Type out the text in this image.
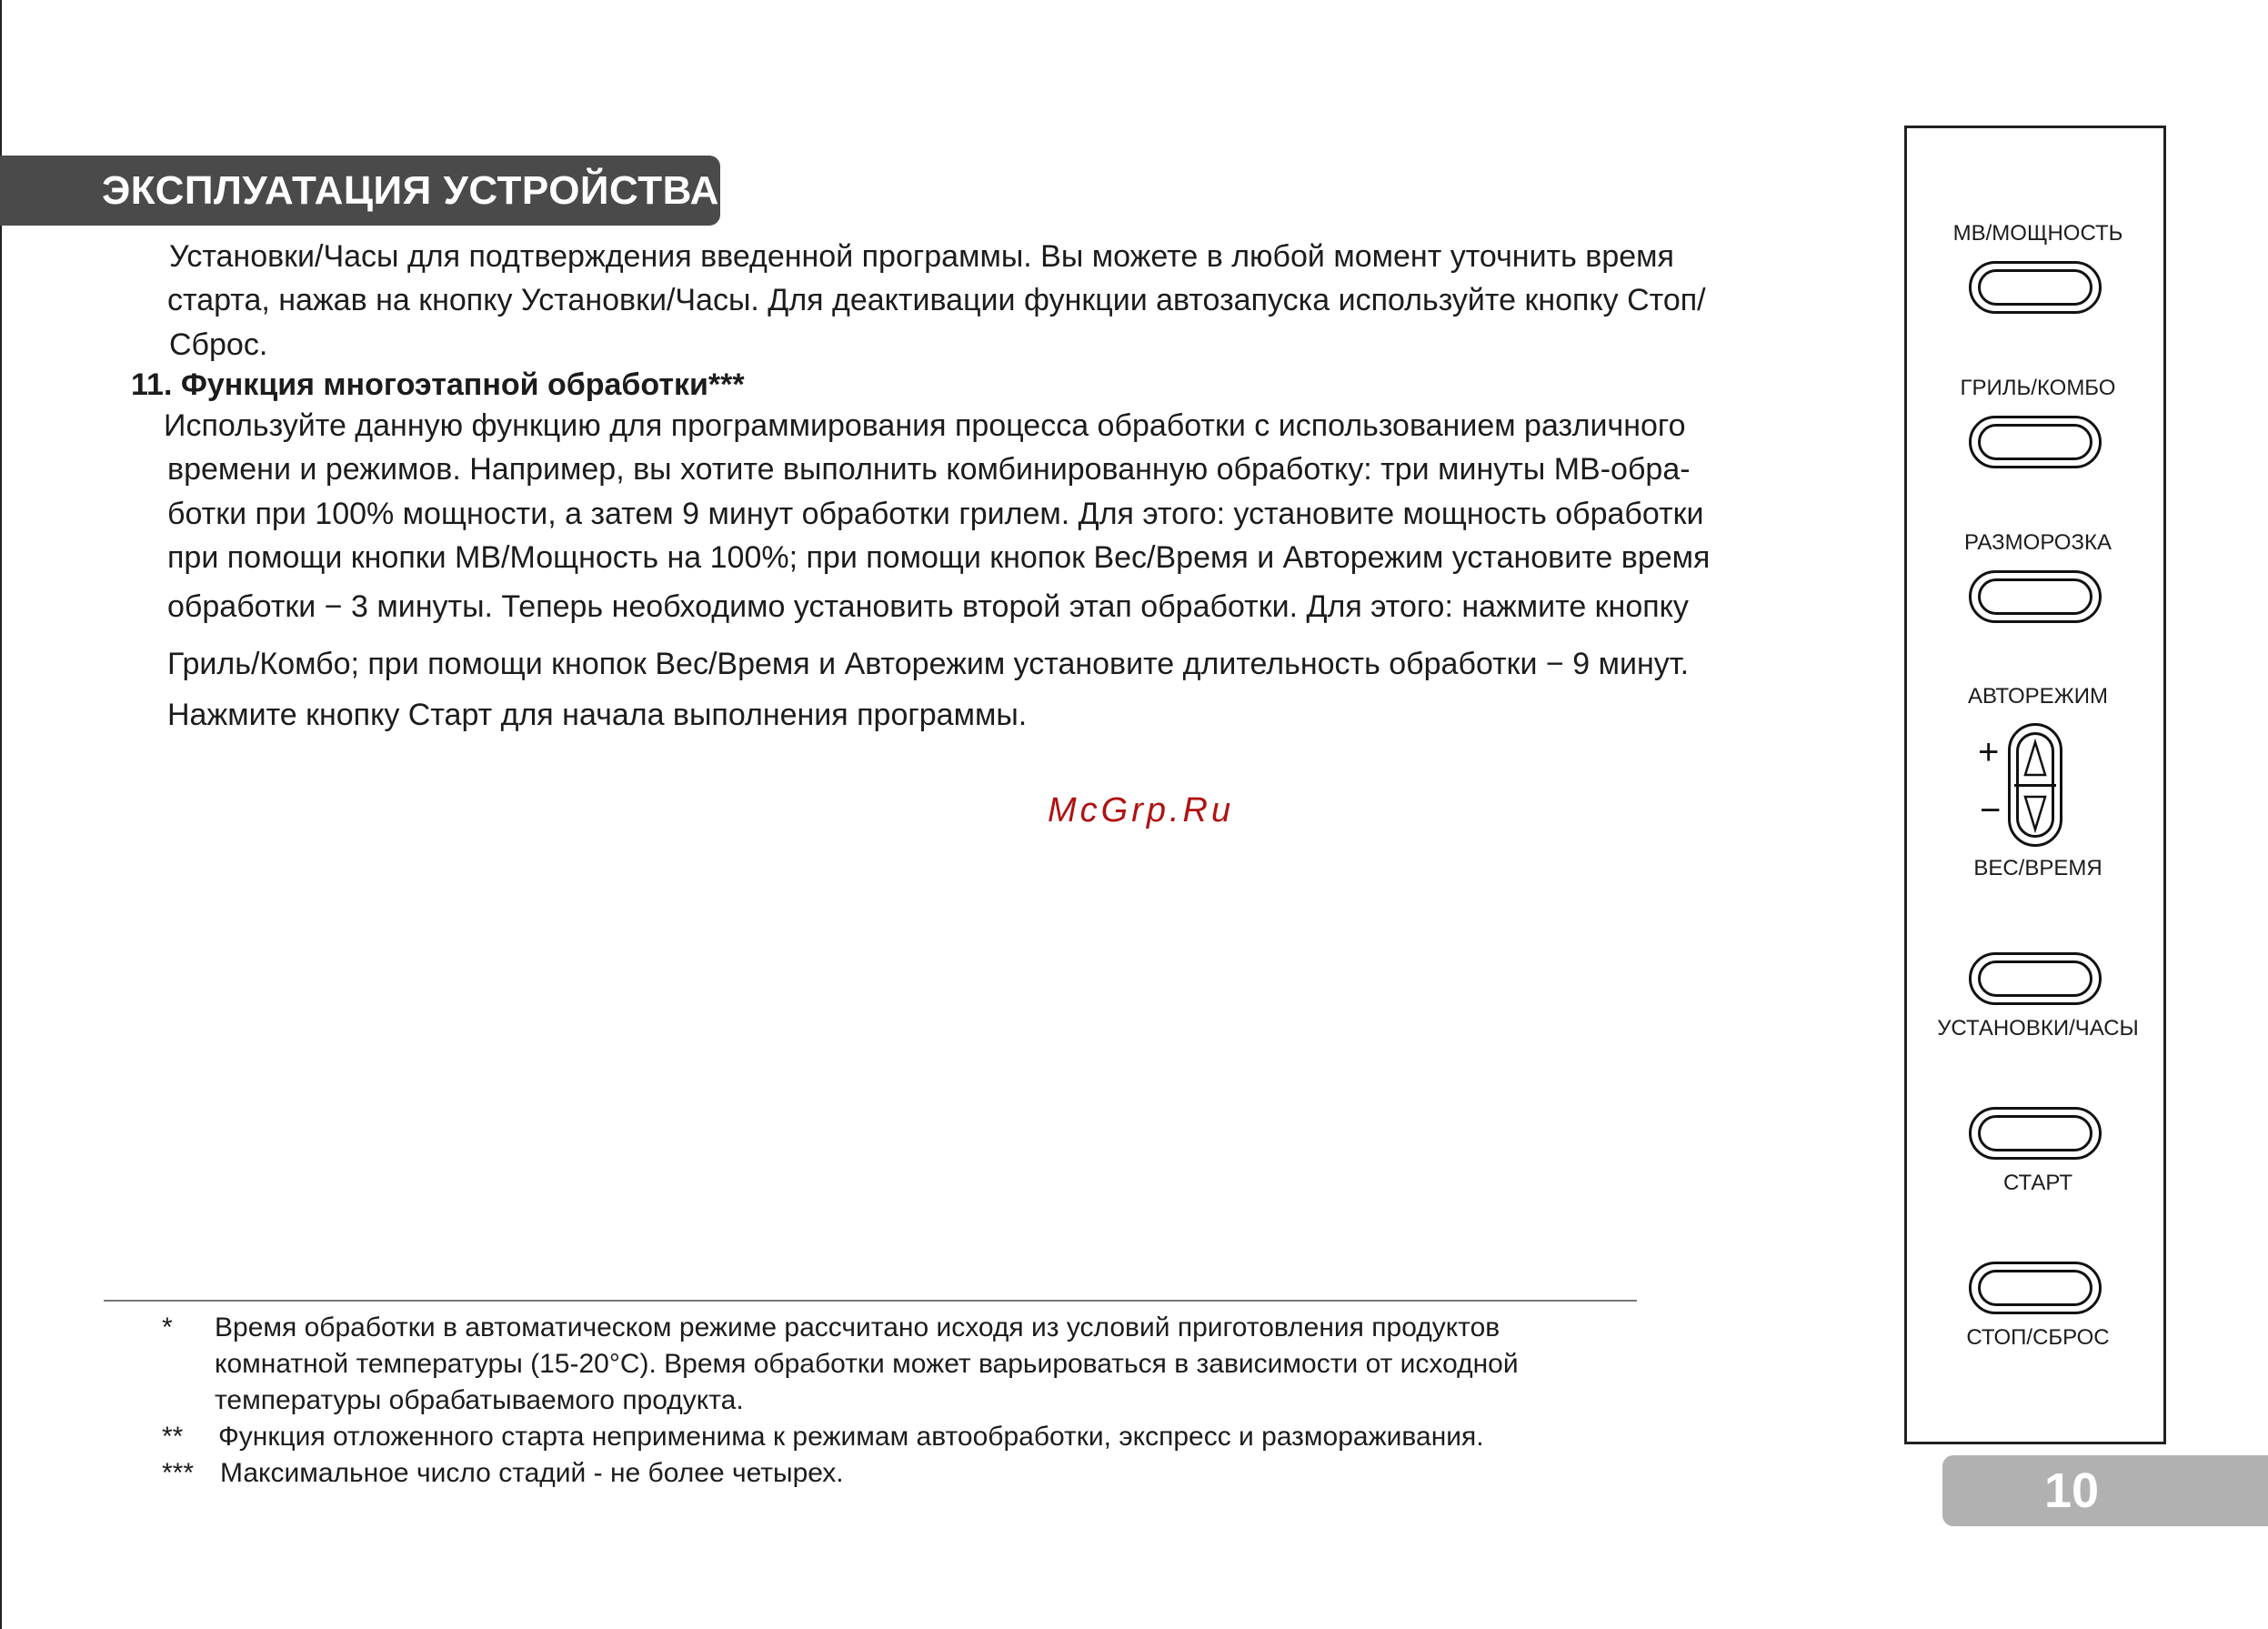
ЭКСПЛУАТАЦИЯ УСТРОЙСТВА
Установки/Часы для подтверждения введенной программы. Вы можете в любой момент уточнить время
старта, нажав на кнопку Установки/Часы. Для деактивации функции автозапуска используйте кнопку Стоп/
Сброс.
11. Функция многоэтапной обработки***
Используйте данную функцию для программирования процесса обработки с использованием различного
времени и режимов. Например, вы хотите выполнить комбинированную обработку: три минуты МВ-обра-
ботки при 100% мощности, а затем 9 минут обработки грилем. Для этого: установите мощность обработки
при помощи кнопки МВ/Мощность на 100%; при помощи кнопок Вес/Время и Авторежим установите время
обработки − 3 минуты. Теперь необходимо установить второй этап обработки. Для этого: нажмите кнопку
Гриль/Комбо; при помощи кнопок Вес/Время и Авторежим установите длительность обработки − 9 минут.
Нажмите кнопку Старт для начала выполнения программы.
McGrp.Ru
* Время обработки в автоматическом режиме рассчитано исходя из условий приготовления продуктов
комнатной температуры (15-20°С). Время обработки может варьироваться в зависимости от исходной
температуры обрабатываемого продукта.
** Функция отложенного старта неприменима к режимам автообработки, экспресс и размораживания.
*** Максимальное число стадий - не более четырех.
МВ/МОЩНОСТЬ
ГРИЛЬ/КОМБО
РАЗМОРОЗКА
АВТОРЕЖИМ
+
−
ВЕС/ВРЕМЯ
УСТАНОВКИ/ЧАСЫ
СТАРТ
СТОП/СБРОС
10
